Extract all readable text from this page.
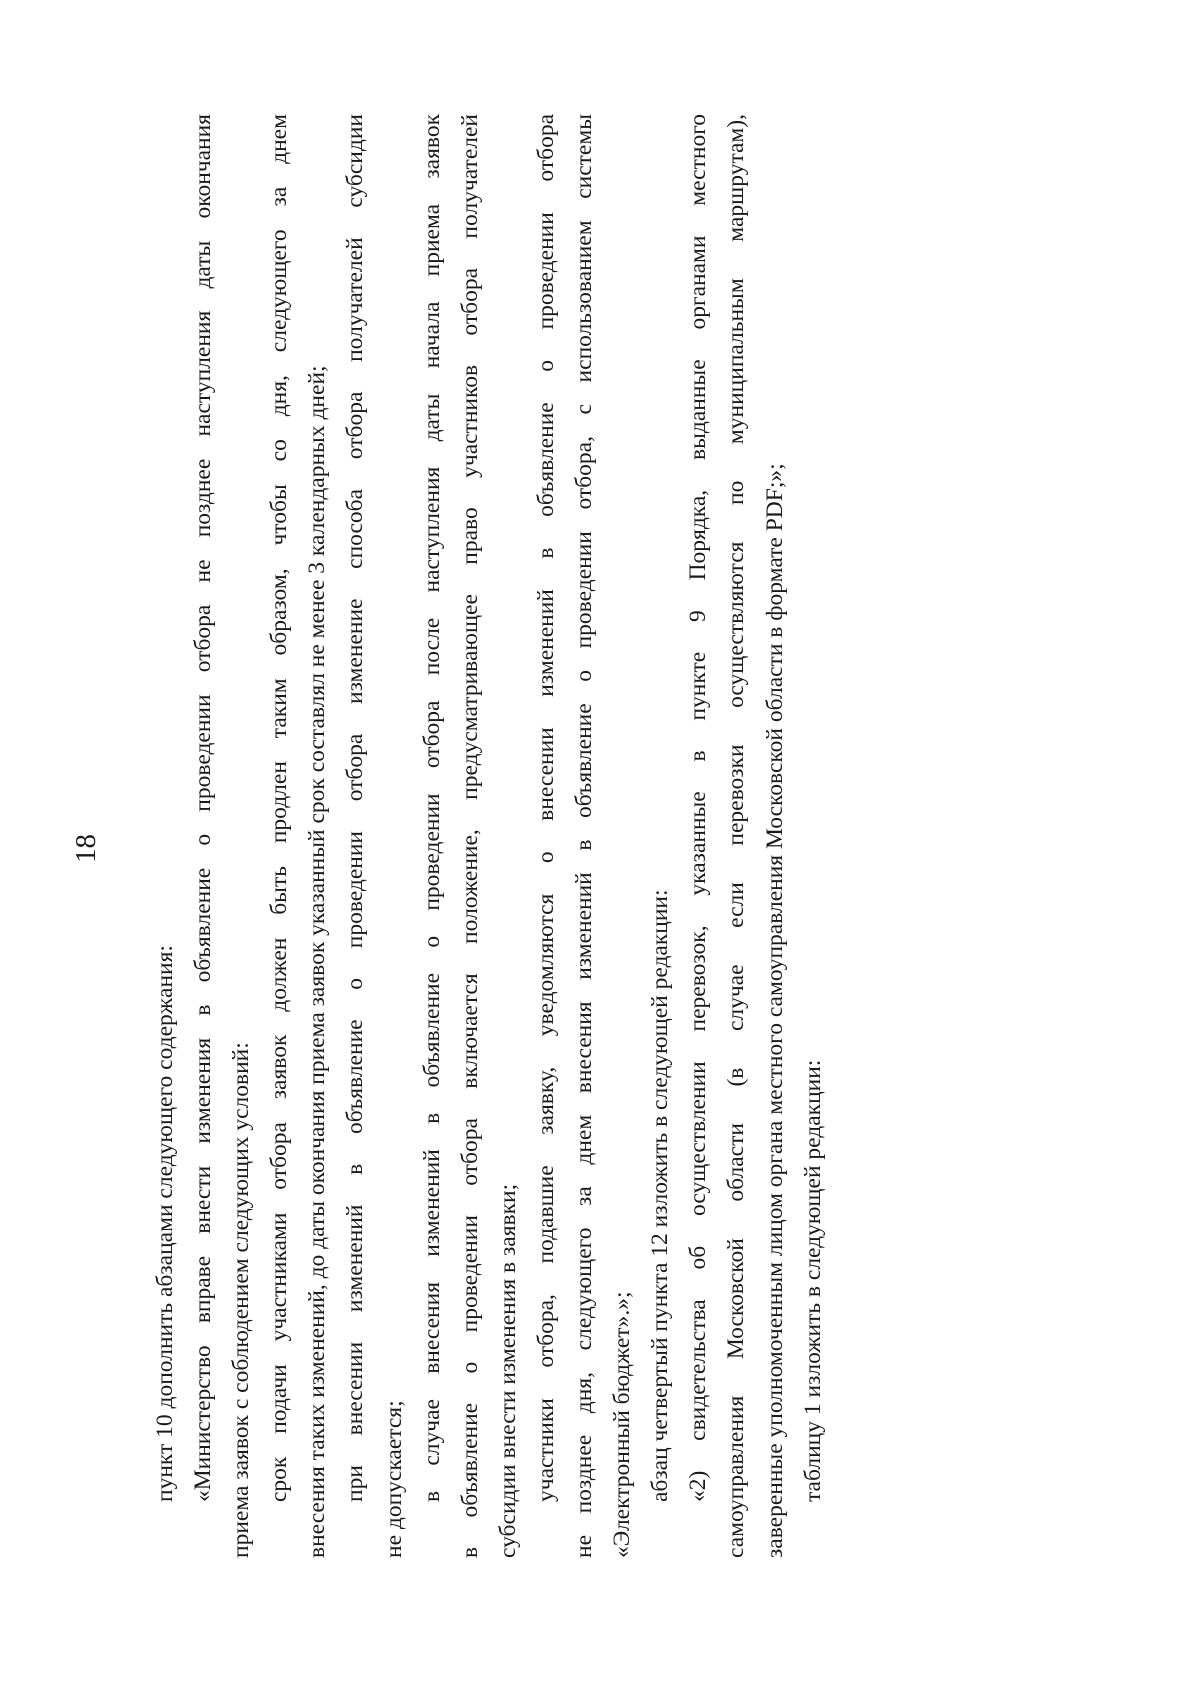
18
пункт 10 дополнить абзацами следующего содержания: «Министерство вправе внести изменения в объявление о проведении отбора не позднее наступления даты окончания приема заявок с соблюдением следующих условий: срок подачи участниками отбора заявок должен быть продлен таким образом, чтобы со дня, следующего за днем внесения таких изменений, до даты окончания приема заявок указанный срок составлял не менее 3 календарных дней; при внесении изменений в объявление о проведении отбора изменение способа отбора получателей субсидии не допускается; в случае внесения изменений в объявление о проведении отбора после наступления даты начала приема заявок в объявление о проведении отбора включается положение, предусматривающее право участников отбора получателей субсидии внести изменения в заявки; участники отбора, подавшие заявку, уведомляются о внесении изменений в объявление о проведении отбора не позднее дня, следующего за днем внесения изменений в объявление о проведении отбора, с использованием системы «Электронный бюджет».»; абзац четвертый пункта 12 изложить в следующей редакции: «2) свидетельства об осуществлении перевозок, указанные в пункте 9 Порядка, выданные органами местного самоуправления Московской области (в случае если перевозки осуществляются по муниципальным маршрутам), заверенные уполномоченным лицом органа местного самоуправления Московской области в формате PDF;»; таблицу 1 изложить в следующей редакции:
